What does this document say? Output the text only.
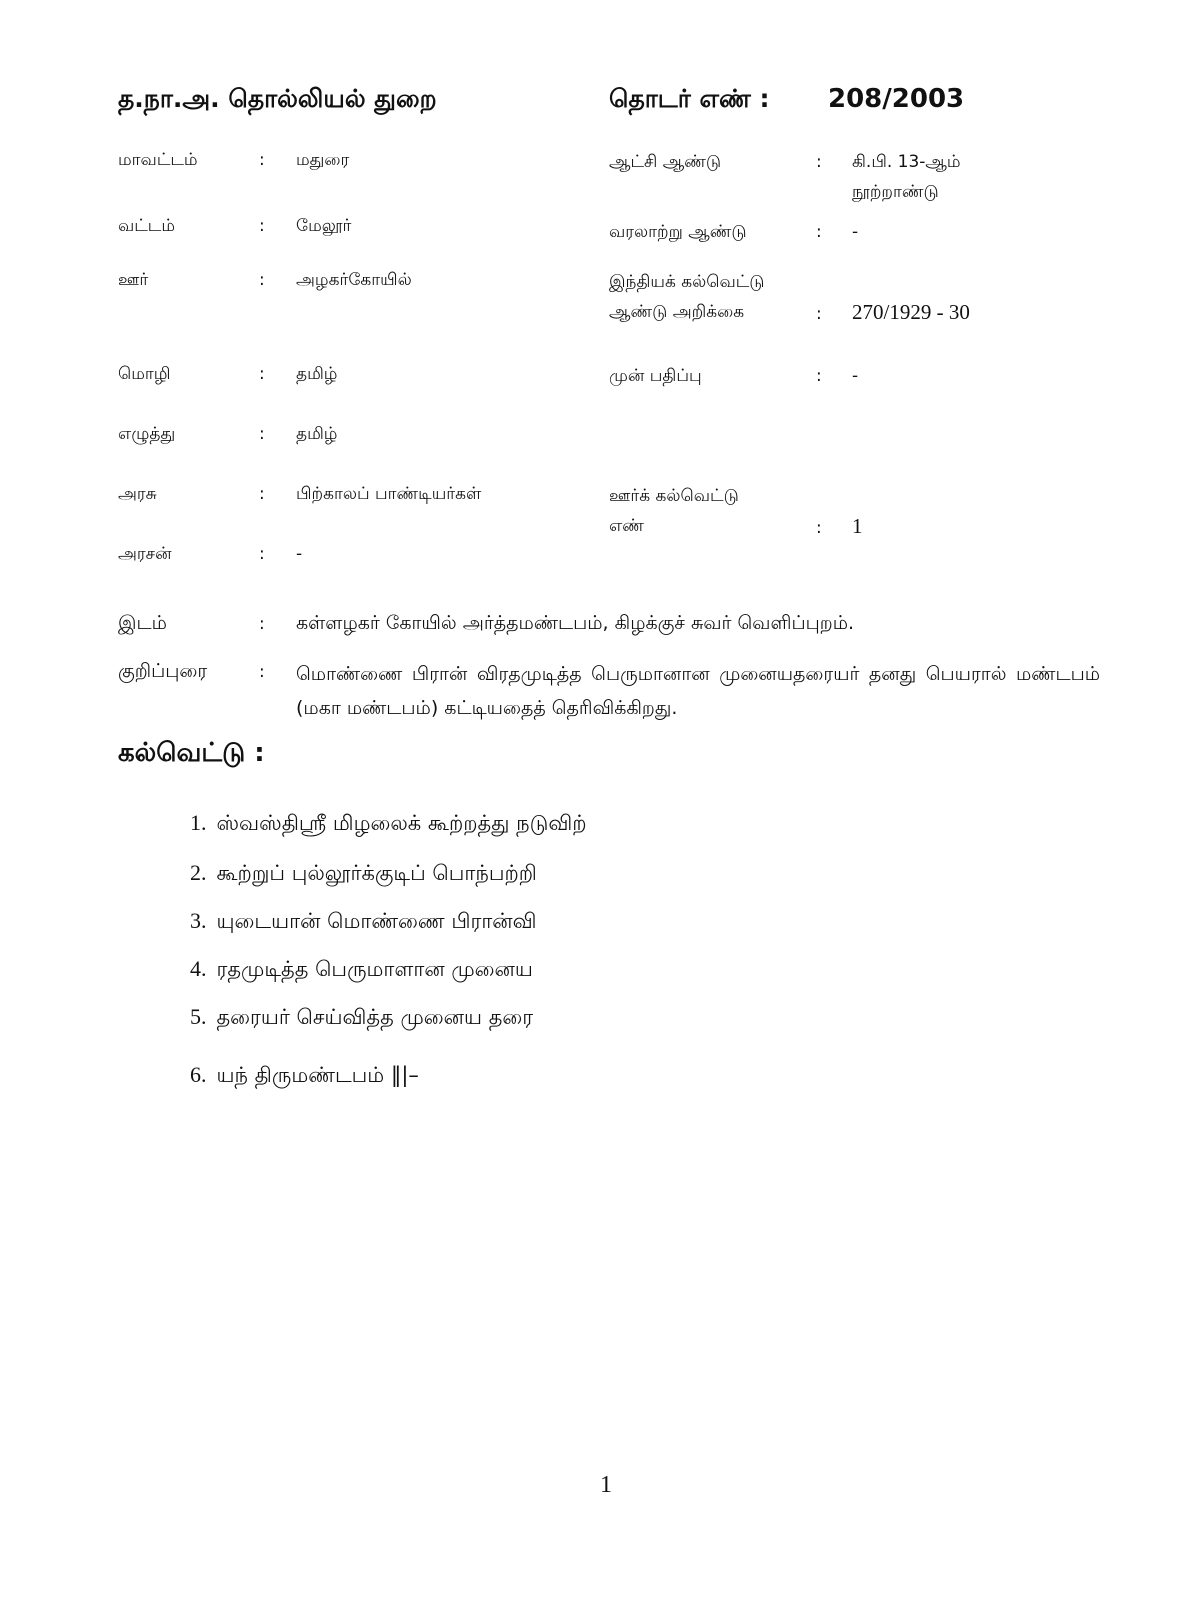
த.நா.அ. தொல்லியல் துறை	தொடர் எண் : 208/2003
மாவட்டம்	: மதுரை
வட்டம்	: மேலூர்
ஊர்	: அழகர்கோயில்
மொழி	: தமிழ்
எழுத்து	: தமிழ்
அரசு	: பிற்காலப் பாண்டியர்கள்
அரசன்	: -
ஆட்சி ஆண்டு	: கி.பி. 13-ஆம்
நூற்றாண்டு
வரலாற்று ஆண்டு	: -
இந்தியக் கல்வெட்டு
ஆண்டு அறிக்கை	: 270/1929 - 30
முன் பதிப்பு	: -
ஊர்க் கல்வெட்டு
எண்	: 1
இடம்	: கள்ளழகர் கோயில் அர்த்தமண்டபம், கிழக்குச் சுவர் வெளிப்புறம்.
குறிப்புரை	: மொண்ணை பிரான் விரதமுடித்த பெருமானான முனையதரையர் தனது பெயரால் மண்டபம் (மகா மண்டபம்) கட்டியதைத் தெரிவிக்கிறது.
கல்வெட்டு :
1. ஸ்வஸ்திஸ்ரீ மிழலைக் கூற்றத்து நடுவிற்
2. கூற்றுப் புல்லூர்க்குடிப் பொந்பற்றி
3. யுடையான் மொண்ணை பிரான்வி
4. ரதமுடித்த பெருமாளான முனைய
5. தரையர் செய்வித்த முனைய தரை
6. யந் திருமண்டபம் ‖|–
1
